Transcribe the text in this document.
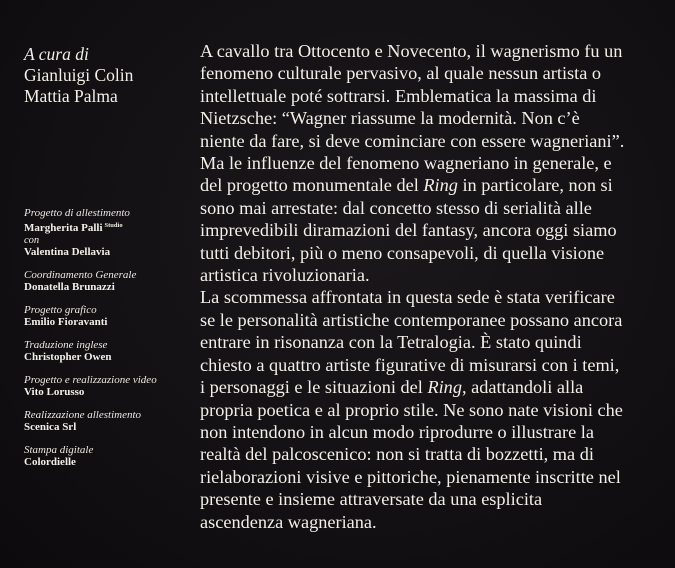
A cura di
Gianluigi Colin
Mattia Palma
Progetto di allestimento
Margherita Palli $^{Studio}$
con
Valentina Dellavia
Coordinamento Generale
Donatella Brunazzi
Progetto grafico
Emilio Fioravanti
Traduzione inglese
Christopher Owen
Progetto e realizzazione video
Vito Lorusso
Realizzazione allestimento
Scenica Srl
Stampa digitale
Colordielle
A cavallo tra Ottocento e Novecento, il wagnerismo fu un
fenomeno culturale pervasivo, al quale nessun artista o
intellettuale poté sottrarsi. Emblematica la massima di
Nietzsche: “Wagner riassume la modernità. Non c’è
niente da fare, si deve cominciare con essere wagneriani”.
Ma le influenze del fenomeno wagneriano in generale, e
del progetto monumentale del Ring in particolare, non si
sono mai arrestate: dal concetto stesso di serialità alle
imprevedibili diramazioni del fantasy, ancora oggi siamo
tutti debitori, più o meno consapevoli, di quella visione
artistica rivoluzionaria.
La scommessa affrontata in questa sede è stata verificare
se le personalità artistiche contemporanee possano ancora
entrare in risonanza con la Tetralogia. È stato quindi
chiesto a quattro artiste figurative di misurarsi con i temi,
i personaggi e le situazioni del Ring, adattandoli alla
propria poetica e al proprio stile. Ne sono nate visioni che
non intendono in alcun modo riprodurre o illustrare la
realtà del palcoscenico: non si tratta di bozzetti, ma di
rielaborazioni visive e pittoriche, pienamente inscritte nel
presente e insieme attraversate da una esplicita
ascendenza wagneriana.
